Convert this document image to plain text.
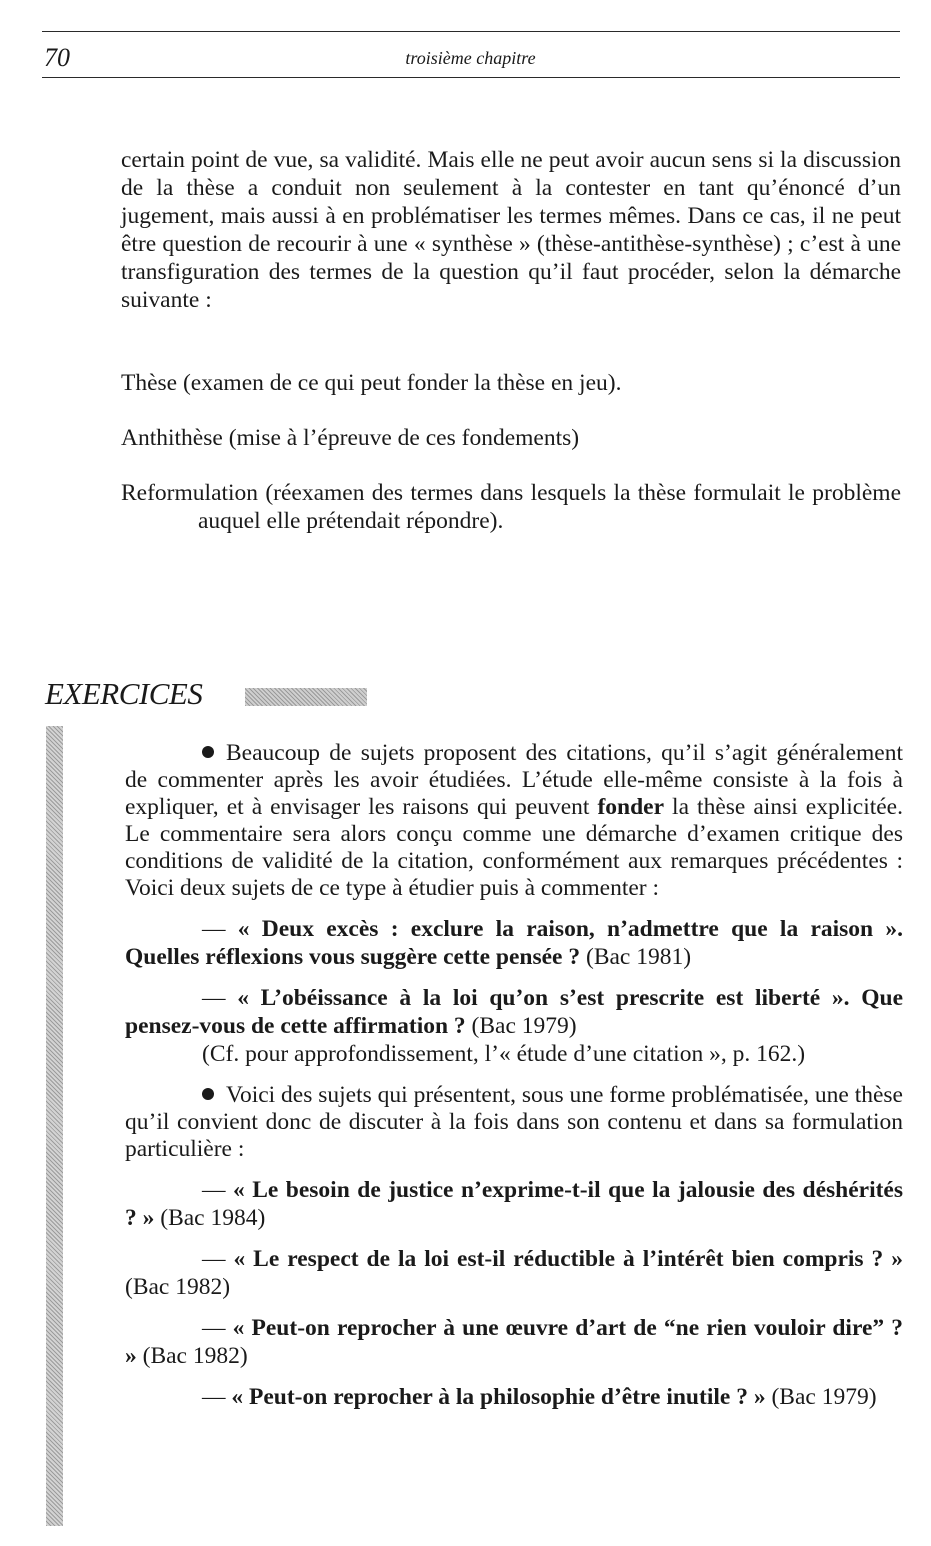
70	troisième chapitre

certain point de vue, sa validité. Mais elle ne peut avoir aucun sens si la discussion de la thèse a conduit non seulement à la contester en tant qu’énoncé d’un jugement, mais aussi à en problématiser les termes mêmes. Dans ce cas, il ne peut être question de recourir à une « synthèse » (thèse-antithèse-synthèse) ; c’est à une transfiguration des termes de la question qu’il faut procéder, selon la démarche suivante :

Thèse (examen de ce qui peut fonder la thèse en jeu).

Anthithèse (mise à l’épreuve de ces fondements)

Reformulation (réexamen des termes dans lesquels la thèse formulait le problème auquel elle prétendait répondre).

EXERCICES

Beaucoup de sujets proposent des citations, qu’il s’agit généralement de commenter après les avoir étudiées. L’étude elle-même consiste à la fois à expliquer, et à envisager les raisons qui peuvent fonder la thèse ainsi explicitée. Le commentaire sera alors conçu comme une démarche d’examen critique des conditions de validité de la citation, conformément aux remarques précédentes : Voici deux sujets de ce type à étudier puis à commenter :

— « Deux excès : exclure la raison, n’admettre que la raison ». Quelles réflexions vous suggère cette pensée ? (Bac 1981)

— « L’obéissance à la loi qu’on s’est prescrite est liberté ». Que pensez-vous de cette affirmation ? (Bac 1979)

(Cf. pour approfondissement, l’« étude d’une citation », p. 162.)

Voici des sujets qui présentent, sous une forme problématisée, une thèse qu’il convient donc de discuter à la fois dans son contenu et dans sa formulation particulière :

— « Le besoin de justice n’exprime-t-il que la jalousie des déshérités ? » (Bac 1984)

— « Le respect de la loi est-il réductible à l’intérêt bien compris ? » (Bac 1982)

— « Peut-on reprocher à une œuvre d’art de “ne rien vouloir dire” ? » (Bac 1982)

— « Peut-on reprocher à la philosophie d’être inutile ? » (Bac 1979)
